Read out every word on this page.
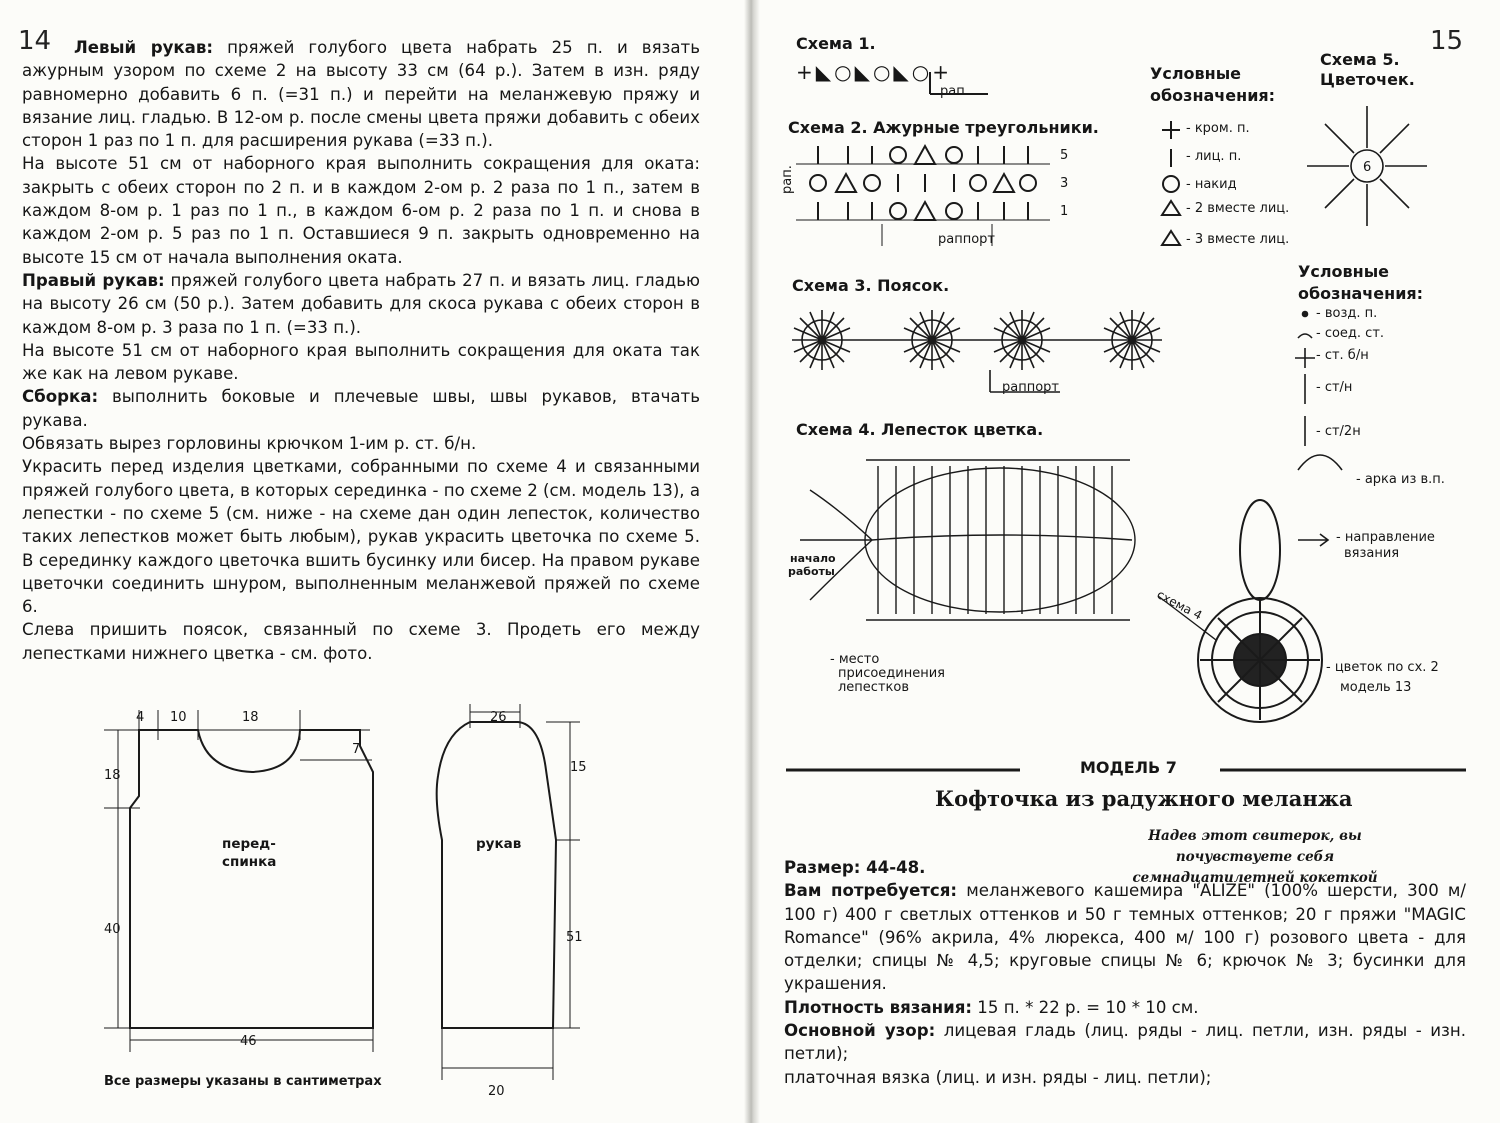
14	Левый рукав: пряжей голубого цвета набрать 25 п. и вязать ажурным узором по схеме 2 на высоту 33 см (64 р.). Затем в изн. ряду равномерно добавить 6 п. (=31 п.) и перейти на меланжевую пряжу и вязание лиц. гладью. В 12-ом р. после смены цвета пряжи добавить с обеих сторон 1 раз по 1 п. для расширения рукава (=33 п.).

На высоте 51 см от наборного края выполнить сокращения для оката: закрыть с обеих сторон по 2 п. и в каждом 2-ом р. 2 раза по 1 п., затем в каждом 8-ом р. 1 раз по 1 п., в каждом 6-ом р. 2 раза по 1 п. и снова в каждом 2-ом р. 5 раз по 1 п. Оставшиеся 9 п. закрыть одновременно на высоте 15 см от начала выполнения оката.

Правый рукав: пряжей голубого цвета набрать 27 п. и вязать лиц. гладью на высоту 26 см (50 р.). Затем добавить для скоса рукава с обеих сторон в каждом 8-ом р. 3 раза по 1 п. (=33 п.).

На высоте 51 см от наборного края выполнить сокращения для оката так же как на левом рукаве.

Сборка: выполнить боковые и плечевые швы, швы рукавов, втачать рукава.

Обвязать вырез горловины крючком 1-им р. ст. б/н.

Украсить перед изделия цветками, собранными по схеме 4 и связанными пряжей голубого цвета, в которых серединка - по схеме 2 (см. модель 13), а лепестки - по схеме 5 (см. ниже - на схеме дан один лепесток, количество таких лепестков может быть любым), рукав украсить цветочка по схеме 5. В серединку каждого цветочка вшить бусинку или бисер. На правом рукаве цветочки соединить шнуром, выполненным меланжевой пряжей по схеме 6.

Слева пришить поясок, связанный по схеме 3. Продеть его между лепестками нижнего цветка - см. фото.

4 10	18
7
18
40
46
26
15
51
20
перед-
спинка
рукав
Все размеры указаны в сантиметрах
15
Схема 1.
+◣○◣○◣○+
рап.
Схема 2. Ажурные треугольники.
5
3
1
рап.
раппорт
Схема 3. Поясок.
раппорт
Схема 4. Лепесток цветка.
начало
работы
- место
присоединения
лепестков
схема 4
- цветок по сх. 2
модель 13
Схема 5.
Цветочек.
6
Условные
обозначения:
- кром. п.
- лиц. п.
- накид
- 2 вместе лиц.
- 3 вместе лиц.
Условные
обозначения:
- возд. п.
- соед. ст.
- ст. б/н
- ст/н
- ст/2н
- арка из в.п.
- направление
вязания
МОДЕЛЬ 7
Кофточка из радужного меланжа
Надев этот свитерок, вы почувствуете себя
семнадцатилетней кокеткой

Размер: 44-48.

Вам потребуется: меланжевого кашемира "ALIZE" (100% шерсти, 300 м/ 100 г) 400 г светлых оттенков и 50 г темных оттенков; 20 г пряжи "MAGIC Romance" (96% акрила, 4% люрекса, 400 м/ 100 г) розового цвета - для отделки; спицы № 4,5; круговые спицы № 6; крючок № 3; бусинки для украшения.

Плотность вязания: 15 п. * 22 р. = 10 * 10 см.

Основной узор: лицевая гладь (лиц. ряды - лиц. петли, изн. ряды - изн. петли);

платочная вязка (лиц. и изн. ряды - лиц. петли);
